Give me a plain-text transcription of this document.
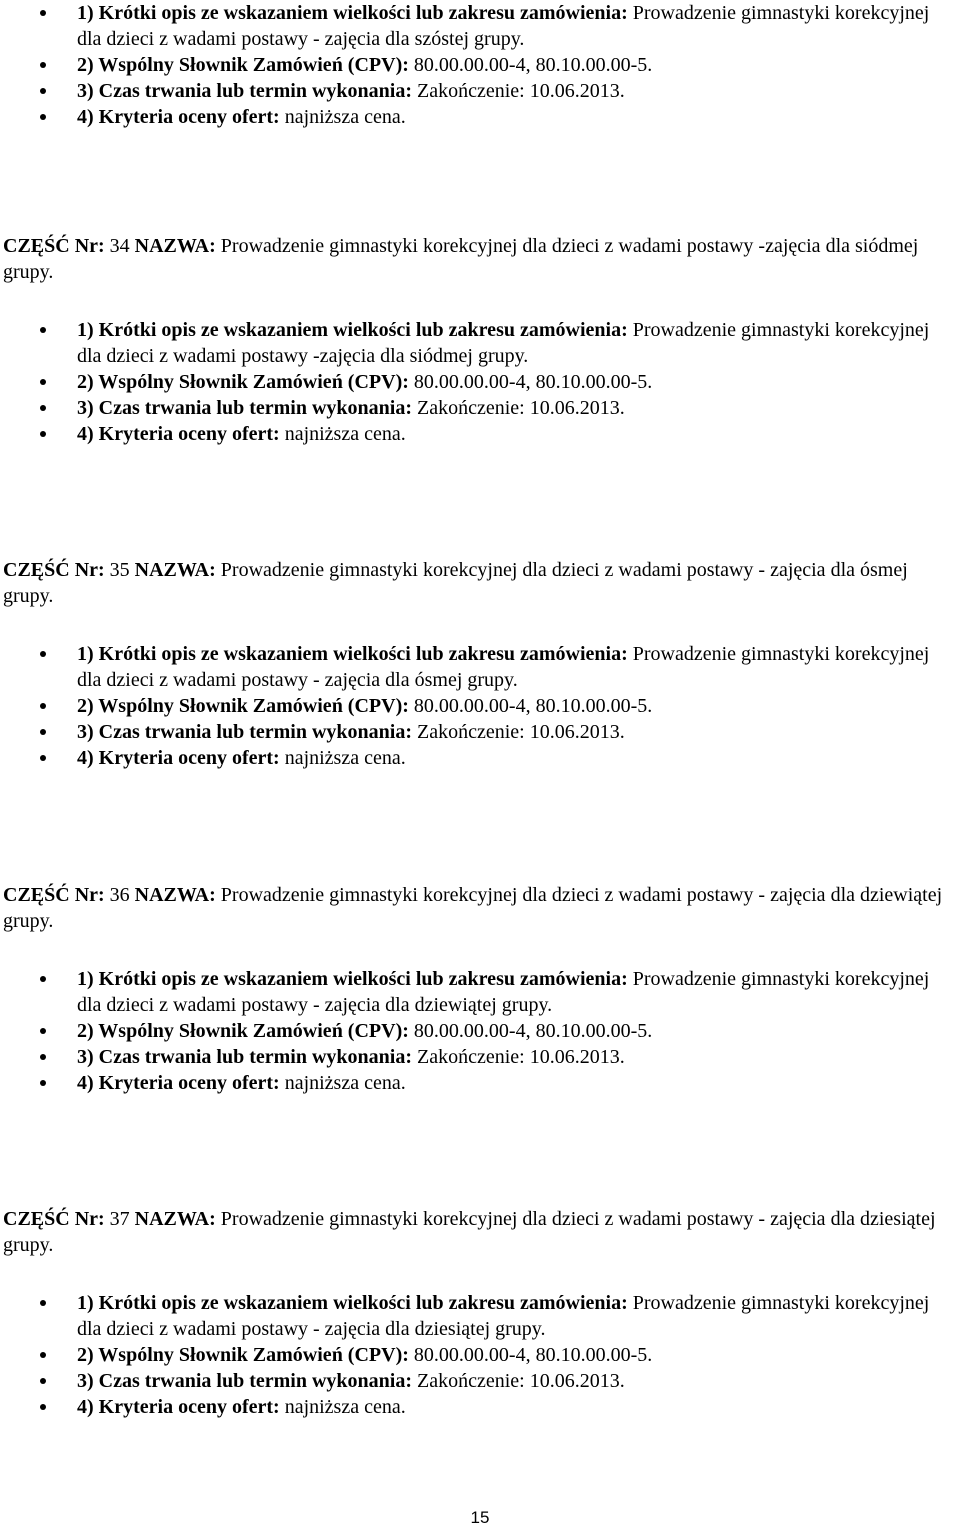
1) Krótki opis ze wskazaniem wielkości lub zakresu zamówienia: Prowadzenie gimnastyki korekcyjnej dla dzieci z wadami postawy - zajęcia dla szóstej grupy.
2) Wspólny Słownik Zamówień (CPV): 80.00.00.00-4, 80.10.00.00-5.
3) Czas trwania lub termin wykonania: Zakończenie: 10.06.2013.
4) Kryteria oceny ofert: najniższa cena.

CZĘŚĆ Nr: 34 NAZWA: Prowadzenie gimnastyki korekcyjnej dla dzieci z wadami postawy -zajęcia dla siódmej grupy.

1) Krótki opis ze wskazaniem wielkości lub zakresu zamówienia: Prowadzenie gimnastyki korekcyjnej dla dzieci z wadami postawy -zajęcia dla siódmej grupy.
2) Wspólny Słownik Zamówień (CPV): 80.00.00.00-4, 80.10.00.00-5.
3) Czas trwania lub termin wykonania: Zakończenie: 10.06.2013.
4) Kryteria oceny ofert: najniższa cena.

CZĘŚĆ Nr: 35 NAZWA: Prowadzenie gimnastyki korekcyjnej dla dzieci z wadami postawy - zajęcia dla ósmej grupy.

1) Krótki opis ze wskazaniem wielkości lub zakresu zamówienia: Prowadzenie gimnastyki korekcyjnej dla dzieci z wadami postawy - zajęcia dla ósmej grupy.
2) Wspólny Słownik Zamówień (CPV): 80.00.00.00-4, 80.10.00.00-5.
3) Czas trwania lub termin wykonania: Zakończenie: 10.06.2013.
4) Kryteria oceny ofert: najniższa cena.

CZĘŚĆ Nr: 36 NAZWA: Prowadzenie gimnastyki korekcyjnej dla dzieci z wadami postawy - zajęcia dla dziewiątej grupy.

1) Krótki opis ze wskazaniem wielkości lub zakresu zamówienia: Prowadzenie gimnastyki korekcyjnej dla dzieci z wadami postawy - zajęcia dla dziewiątej grupy.
2) Wspólny Słownik Zamówień (CPV): 80.00.00.00-4, 80.10.00.00-5.
3) Czas trwania lub termin wykonania: Zakończenie: 10.06.2013.
4) Kryteria oceny ofert: najniższa cena.

CZĘŚĆ Nr: 37 NAZWA: Prowadzenie gimnastyki korekcyjnej dla dzieci z wadami postawy - zajęcia dla dziesiątej grupy.

1) Krótki opis ze wskazaniem wielkości lub zakresu zamówienia: Prowadzenie gimnastyki korekcyjnej dla dzieci z wadami postawy - zajęcia dla dziesiątej grupy.
2) Wspólny Słownik Zamówień (CPV): 80.00.00.00-4, 80.10.00.00-5.
3) Czas trwania lub termin wykonania: Zakończenie: 10.06.2013.
4) Kryteria oceny ofert: najniższa cena.
15
